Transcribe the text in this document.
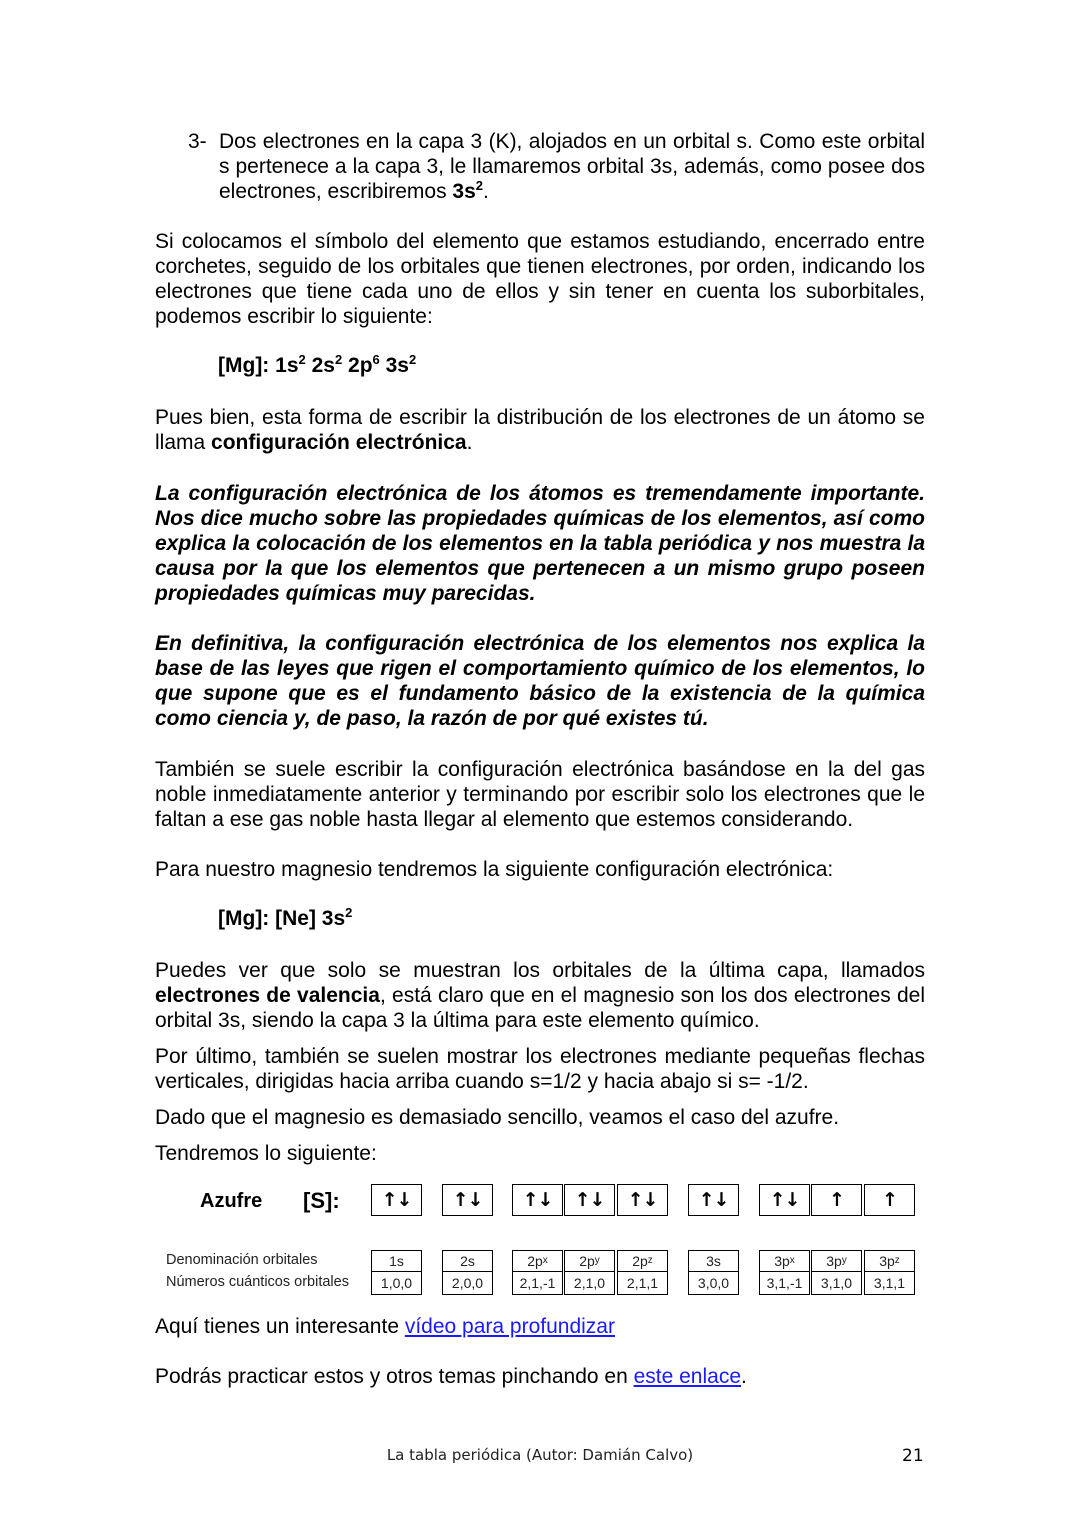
3- Dos electrones en la capa 3 (K), alojados en un orbital s. Como este orbital s pertenece a la capa 3, le llamaremos orbital 3s, además, como posee dos electrones, escribiremos $3s^2$.

Si colocamos el símbolo del elemento que estamos estudiando, encerrado entre corchetes, seguido de los orbitales que tienen electrones, por orden, indicando los electrones que tiene cada uno de ellos y sin tener en cuenta los suborbitales, podemos escribir lo siguiente:

[Mg]: $1s^2$ $2s^2$ $2p^6$ $3s^2$

Pues bien, esta forma de escribir la distribución de los electrones de un átomo se llama configuración electrónica.

La configuración electrónica de los átomos es tremendamente importante. Nos dice mucho sobre las propiedades químicas de los elementos, así como explica la colocación de los elementos en la tabla periódica y nos muestra la causa por la que los elementos que pertenecen a un mismo grupo poseen propiedades químicas muy parecidas.

En definitiva, la configuración electrónica de los elementos nos explica la base de las leyes que rigen el comportamiento químico de los elementos, lo que supone que es el fundamento básico de la existencia de la química como ciencia y, de paso, la razón de por qué existes tú.

También se suele escribir la configuración electrónica basándose en la del gas noble inmediatamente anterior y terminando por escribir solo los electrones que le faltan a ese gas noble hasta llegar al elemento que estemos considerando.

Para nuestro magnesio tendremos la siguiente configuración electrónica:

[Mg]: [Ne] $3s^2$

Puedes ver que solo se muestran los orbitales de la última capa, llamados electrones de valencia, está claro que en el magnesio son los dos electrones del orbital 3s, siendo la capa 3 la última para este elemento químico.

Por último, también se suelen mostrar los electrones mediante pequeñas flechas verticales, dirigidas hacia arriba cuando s=1/2 y hacia abajo si s= -1/2.

Dado que el magnesio es demasiado sencillo, veamos el caso del azufre.

Tendremos lo siguiente:

Azufre [S]:	↑↓	↑↓	↑↓	↑↓	↑↓	↑↓	↑↓	↑	↑
Denominación orbitales
Números cuánticos orbitales
1s	2s	2p x 2p y 2p z	3s	3p x 3p y 3p z
1,0,0	2,0,0	2,1,-1	2,1,0	2,1,1	3,0,0	3,1,-1	3,1,0	3,1,1

Aquí tienes un interesante vídeo para profundizar

Podrás practicar estos y otros temas pinchando en este enlace.

La tabla periódica (Autor: Damián Calvo)	21
